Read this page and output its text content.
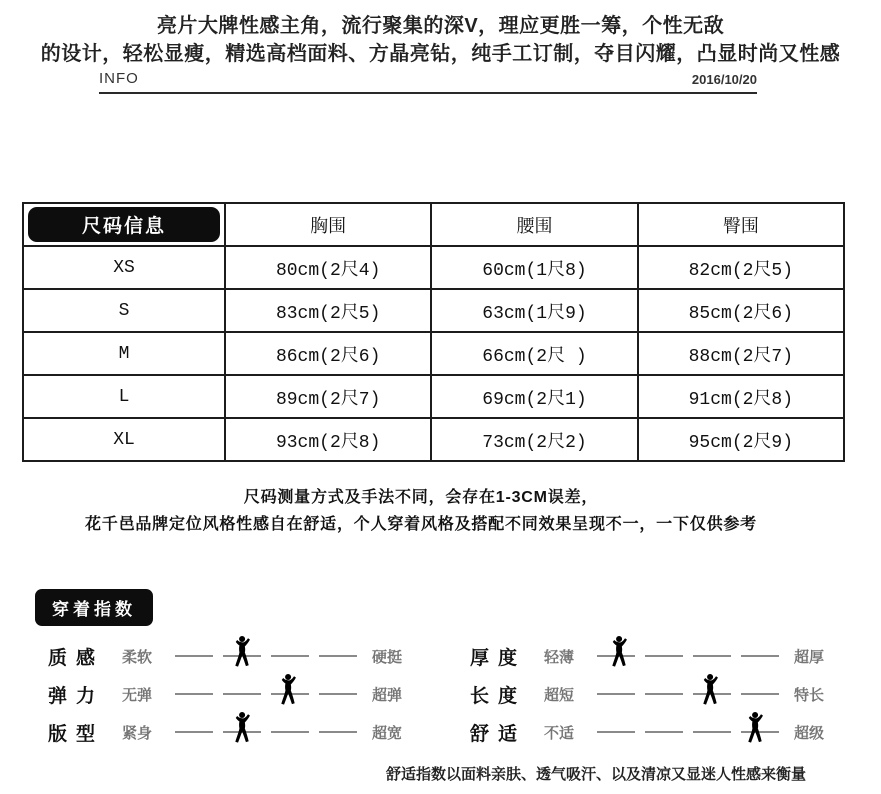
亮片大牌性感主角，流行聚集的深V，理应更胜一筹，个性无敌
的设计，轻松显瘦，精选高档面料、方晶亮钻，纯手工订制，夺目闪耀，凸显时尚又性感
INFO	2016/10/20
尺码信息	胸围	腰围	臀围
XS	80cm(2尺4)	60cm(1尺8)	82cm(2尺5)
S	83cm(2尺5)	63cm(1尺9)	85cm(2尺6)
M	86cm(2尺6)	66cm(2尺 )	88cm(2尺7)
L	89cm(2尺7)	69cm(2尺1)	91cm(2尺8)
XL	93cm(2尺8)	73cm(2尺2)	95cm(2尺9)
尺码测量方式及手法不同，会存在1-3CM误差，
花千邑品牌定位风格性感自在舒适，个人穿着风格及搭配不同效果呈现不一，一下仅供参考
穿着指数
质感 柔软	硬挺
弹力 无弹	超弹
版型 紧身	超宽
厚度 轻薄	超厚
长度 超短	特长
舒适 不适	超级
舒适指数以面料亲肤、透气吸汗、以及清凉又显迷人性感来衡量
